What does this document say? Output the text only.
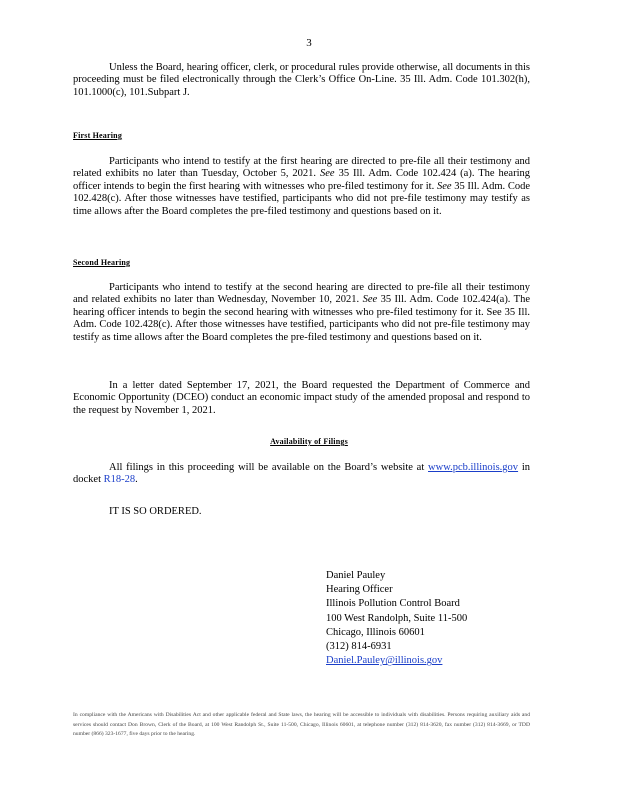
3

Unless the Board, hearing officer, clerk, or procedural rules provide otherwise, all documents in this proceeding must be filed electronically through the Clerk’s Office On-Line. 35 Ill. Adm. Code 101.302(h), 101.1000(c), 101.Subpart J.

First Hearing

Participants who intend to testify at the first hearing are directed to pre-file all their testimony and related exhibits no later than Tuesday, October 5, 2021. See 35 Ill. Adm. Code 102.424 (a). The hearing officer intends to begin the first hearing with witnesses who pre-filed testimony for it. See 35 Ill. Adm. Code 102.428(c). After those witnesses have testified, participants who did not pre-file testimony may testify as time allows after the Board completes the pre-filed testimony and questions based on it.

Second Hearing

Participants who intend to testify at the second hearing are directed to pre-file all their testimony and related exhibits no later than Wednesday, November 10, 2021. See 35 Ill. Adm. Code 102.424(a). The hearing officer intends to begin the second hearing with witnesses who pre-filed testimony for it. See 35 Ill. Adm. Code 102.428(c). After those witnesses have testified, participants who did not pre-file testimony may testify as time allows after the Board completes the pre-filed testimony and questions based on it.

In a letter dated September 17, 2021, the Board requested the Department of Commerce and Economic Opportunity (DCEO) conduct an economic impact study of the amended proposal and respond to the request by November 1, 2021.

Availability of Filings

All filings in this proceeding will be available on the Board’s website at www.pcb.illinois.gov in docket R18-28.

IT IS SO ORDERED.

Daniel Pauley
Hearing Officer
Illinois Pollution Control Board
100 West Randolph, Suite 11-500
Chicago, Illinois 60601
(312) 814-6931
Daniel.Pauley@illinois.gov
In compliance with the Americans with Disabilities Act and other applicable federal and State laws, the hearing will be accessible to individuals with disabilities. Persons requiring auxiliary aids and services should contact Don Brown, Clerk of the Board, at 100 West Randolph St., Suite 11-500, Chicago, Illinois 60601, at telephone number (312) 814-3620, fax number (312) 814-3669, or TDD number (866) 323-1677, five days prior to the hearing.
